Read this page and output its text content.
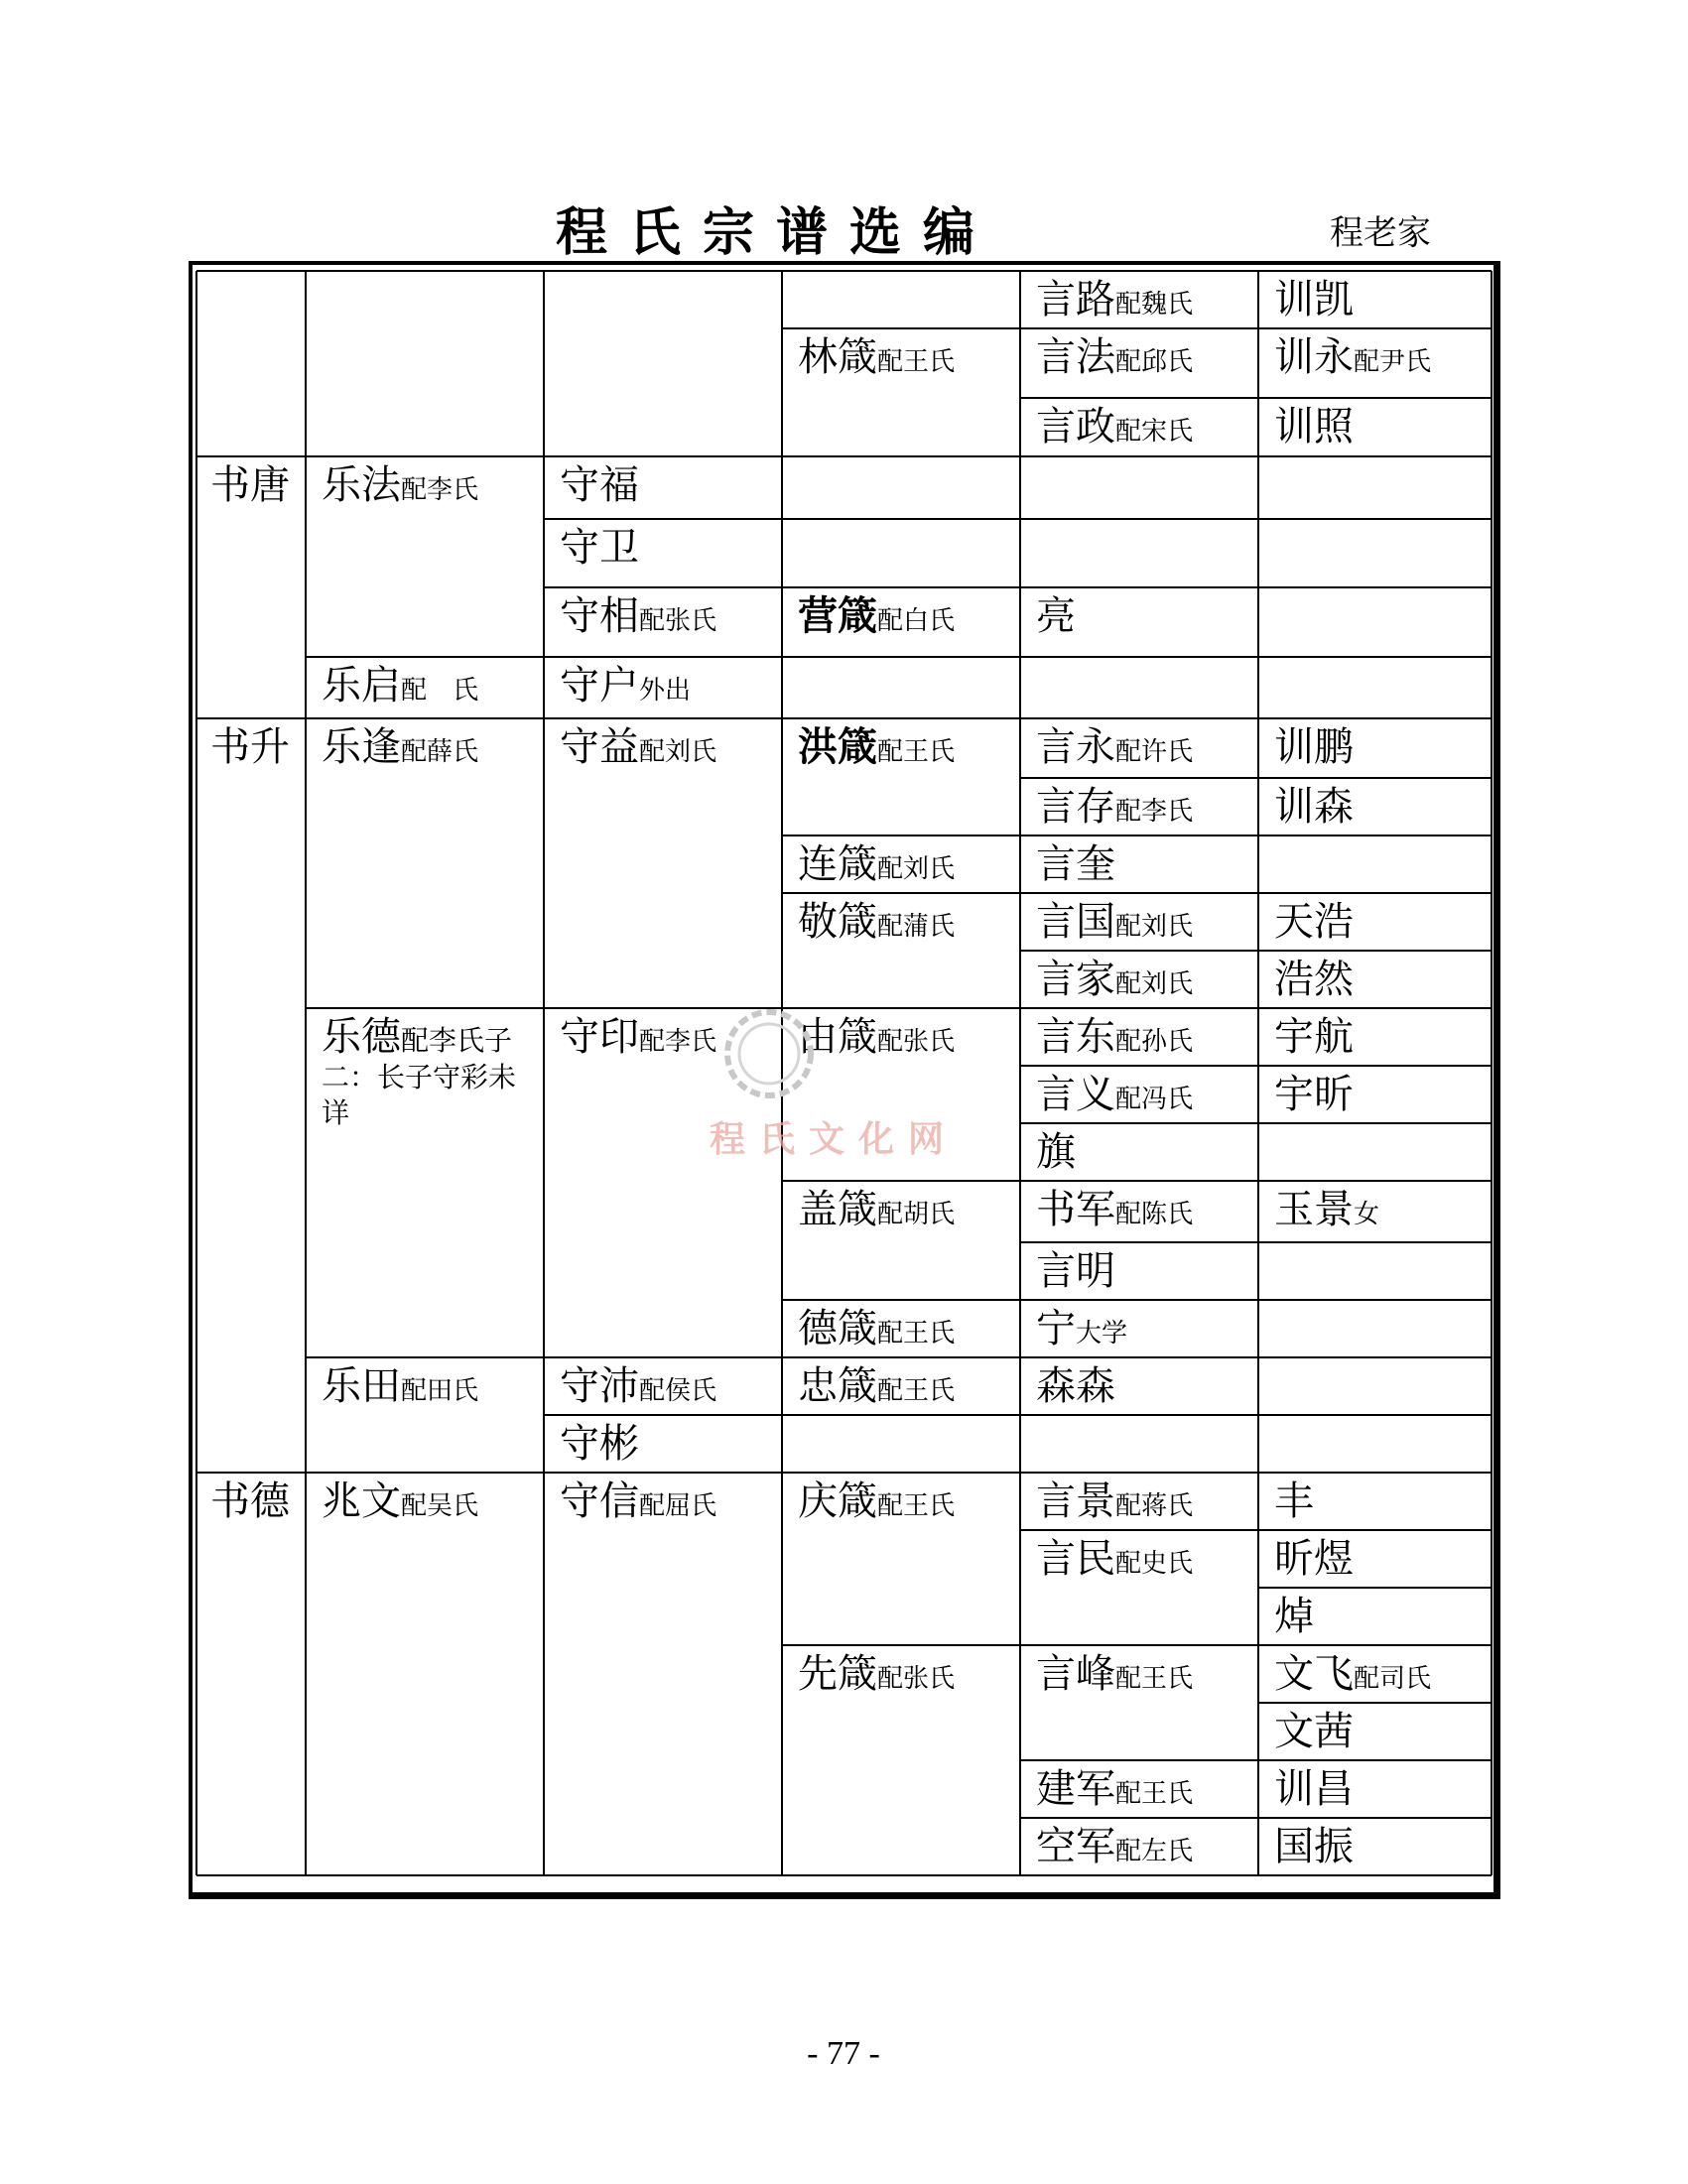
程氏宗谱选编	程老家
书唐
书升
书德
乐法配李氏
乐启配　氏
乐逢配薛氏
乐德配李氏子二：长子守彩未详
乐田配田氏
兆文配吴氏
守福
守卫
守相配张氏
守户外出
守益配刘氏
守印配李氏
守沛配侯氏
守彬
守信配屈氏
林箴配王氏
营箴配白氏
洪箴配王氏
连箴配刘氏
敬箴配蒲氏
由箴配张氏
盖箴配胡氏
德箴配王氏
忠箴配王氏
庆箴配王氏
先箴配张氏
言路配魏氏
言法配邱氏
言政配宋氏
亮
言永配许氏
言存配李氏
言奎
言国配刘氏
言家配刘氏
言东配孙氏
言义配冯氏
旗
书军配陈氏
言明
宁大学
森森
言景配蒋氏
言民配史氏
言峰配王氏
建军配王氏
空军配左氏
训凯
训永配尹氏
训照
训鹏
训森
天浩
浩然
宇航
宇昕
玉景女
丰
昕煜
焯
文飞配司氏
文茜
训昌
国振
程氏文化网
- 77 -
